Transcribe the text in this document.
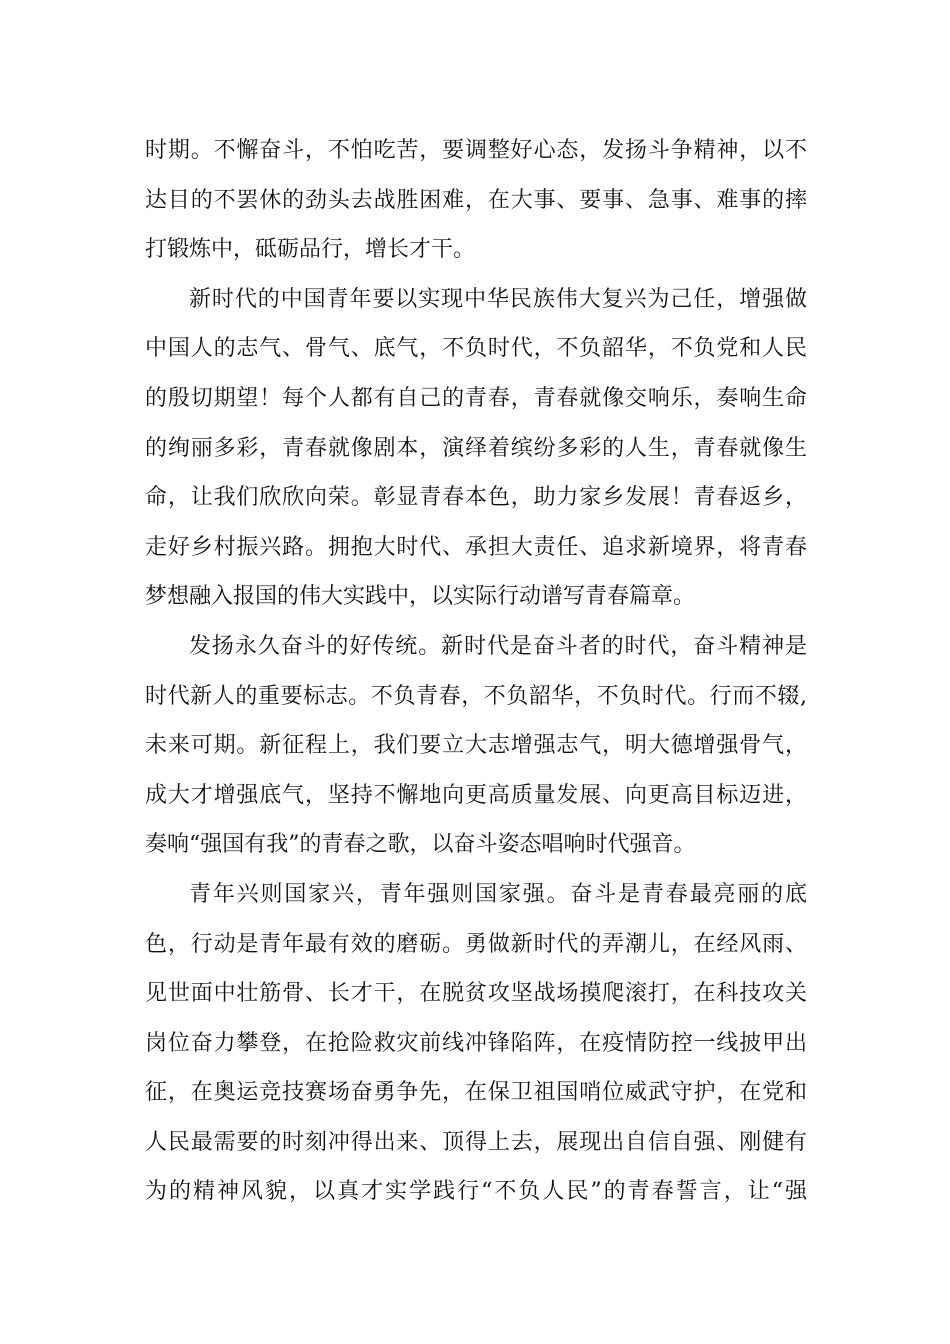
时期。不懈奋斗，不怕吃苦，要调整好心态，发扬斗争精神，以不
达目的不罢休的劲头去战胜困难，在大事、要事、急事、难事的摔
打锻炼中，砥砺品行，增长才干。
新时代的中国青年要以实现中华民族伟大复兴为己任，增强做
中国人的志气、骨气、底气，不负时代，不负韶华，不负党和人民
的殷切期望！每个人都有自己的青春，青春就像交响乐，奏响生命
的绚丽多彩，青春就像剧本，演绎着缤纷多彩的人生，青春就像生
命，让我们欣欣向荣。彰显青春本色，助力家乡发展！青春返乡，
走好乡村振兴路。拥抱大时代、承担大责任、追求新境界，将青春
梦想融入报国的伟大实践中，以实际行动谱写青春篇章。
发扬永久奋斗的好传统。新时代是奋斗者的时代，奋斗精神是
时代新人的重要标志。不负青春，不负韶华，不负时代。行而不辍,
未来可期。新征程上，我们要立大志增强志气，明大德增强骨气，
成大才增强底气，坚持不懈地向更高质量发展、向更高目标迈进，
奏响“强国有我”的青春之歌，以奋斗姿态唱响时代强音。
青年兴则国家兴，青年强则国家强。奋斗是青春最亮丽的底
色，行动是青年最有效的磨砺。勇做新时代的弄潮儿，在经风雨、
见世面中壮筋骨、长才干，在脱贫攻坚战场摸爬滚打，在科技攻关
岗位奋力攀登，在抢险救灾前线冲锋陷阵，在疫情防控一线披甲出
征，在奥运竞技赛场奋勇争先，在保卫祖国哨位威武守护，在党和
人民最需要的时刻冲得出来、顶得上去，展现出自信自强、刚健有
为的精神风貌，以真才实学践行“不负人民”的青春誓言，让“强
